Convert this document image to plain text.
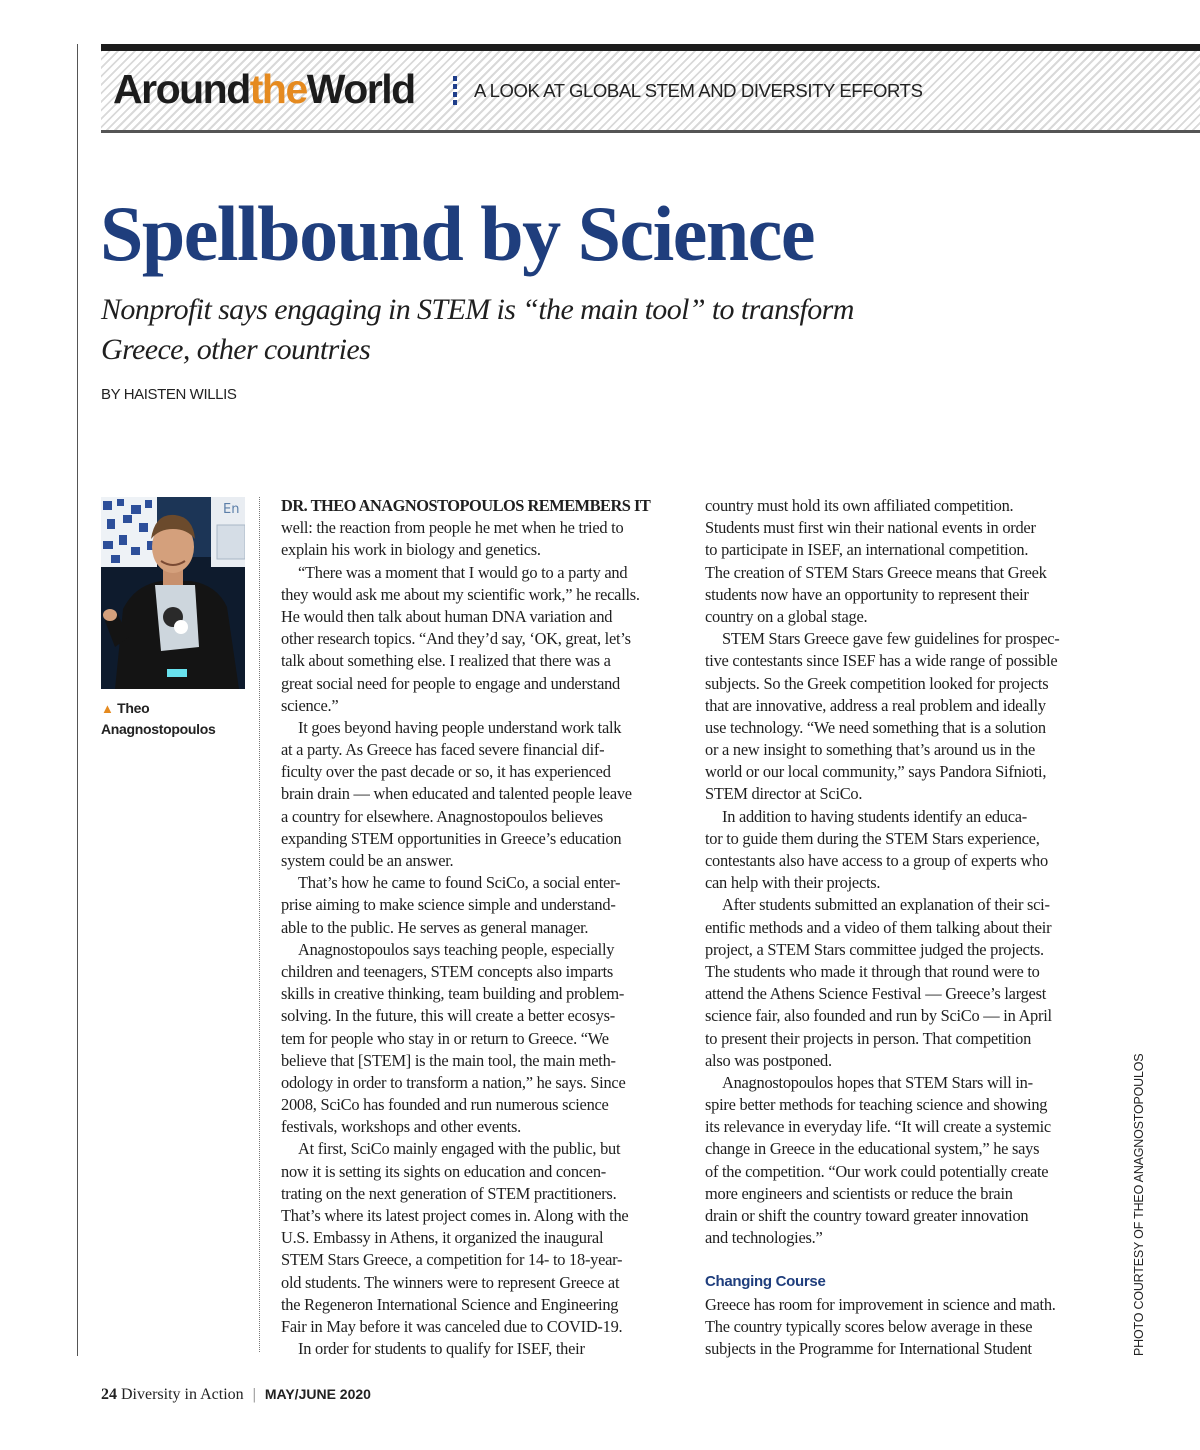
AroundtheWorld	A LOOK AT GLOBAL STEM AND DIVERSITY EFFORTS
Spellbound by Science

Nonprofit says engaging in STEM is “the main tool” to transform Greece, other countries

BY HAISTEN WILLIS
En
▲ Theo
Anagnostopoulos

DR. THEO ANAGNOSTOPOULOS REMEMBERS IT

well: the reaction from people he met when he tried to

explain his work in biology and genetics.

“There was a moment that I would go to a party and

they would ask me about my scientific work,” he recalls.

He would then talk about human DNA variation and

other research topics. “And they’d say, ‘OK, great, let’s

talk about something else. I realized that there was a

great social need for people to engage and understand

science.”

It goes beyond having people understand work talk

at a party. As Greece has faced severe financial dif-

ficulty over the past decade or so, it has experienced

brain drain — when educated and talented people leave

a country for elsewhere. Anagnostopoulos believes

expanding STEM opportunities in Greece’s education

system could be an answer.

That’s how he came to found SciCo, a social enter-

prise aiming to make science simple and understand-

able to the public. He serves as general manager.

Anagnostopoulos says teaching people, especially

children and teenagers, STEM concepts also imparts

skills in creative thinking, team building and problem-

solving. In the future, this will create a better ecosys-

tem for people who stay in or return to Greece. “We

believe that [STEM] is the main tool, the main meth-

odology in order to transform a nation,” he says. Since

2008, SciCo has founded and run numerous science

festivals, workshops and other events.

At first, SciCo mainly engaged with the public, but

now it is setting its sights on education and concen-

trating on the next generation of STEM practitioners.

That’s where its latest project comes in. Along with the

U.S. Embassy in Athens, it organized the inaugural

STEM Stars Greece, a competition for 14- to 18-year-

old students. The winners were to represent Greece at

the Regeneron International Science and Engineering

Fair in May before it was canceled due to COVID-19.

In order for students to qualify for ISEF, their

country must hold its own affiliated competition.

Students must first win their national events in order

to participate in ISEF, an international competition.

The creation of STEM Stars Greece means that Greek

students now have an opportunity to represent their

country on a global stage.

STEM Stars Greece gave few guidelines for prospec-

tive contestants since ISEF has a wide range of possible

subjects. So the Greek competition looked for projects

that are innovative, address a real problem and ideally

use technology. “We need something that is a solution

or a new insight to something that’s around us in the

world or our local community,” says Pandora Sifnioti,

STEM director at SciCo.

In addition to having students identify an educa-

tor to guide them during the STEM Stars experience,

contestants also have access to a group of experts who

can help with their projects.

After students submitted an explanation of their sci-

entific methods and a video of them talking about their

project, a STEM Stars committee judged the projects.

The students who made it through that round were to

attend the Athens Science Festival — Greece’s largest

science fair, also founded and run by SciCo — in April

to present their projects in person. That competition

also was postponed.

Anagnostopoulos hopes that STEM Stars will in-

spire better methods for teaching science and showing

its relevance in everyday life. “It will create a systemic

change in Greece in the educational system,” he says

of the competition. “Our work could potentially create

more engineers and scientists or reduce the brain

drain or shift the country toward greater innovation

and technologies.”

Changing Course

Greece has room for improvement in science and math.

The country typically scores below average in these

subjects in the Programme for International Student	PHOTO COURTESY OF THEO ANAGNOSTOPOULOS
24 Diversity in Action | MAY/JUNE 2020
